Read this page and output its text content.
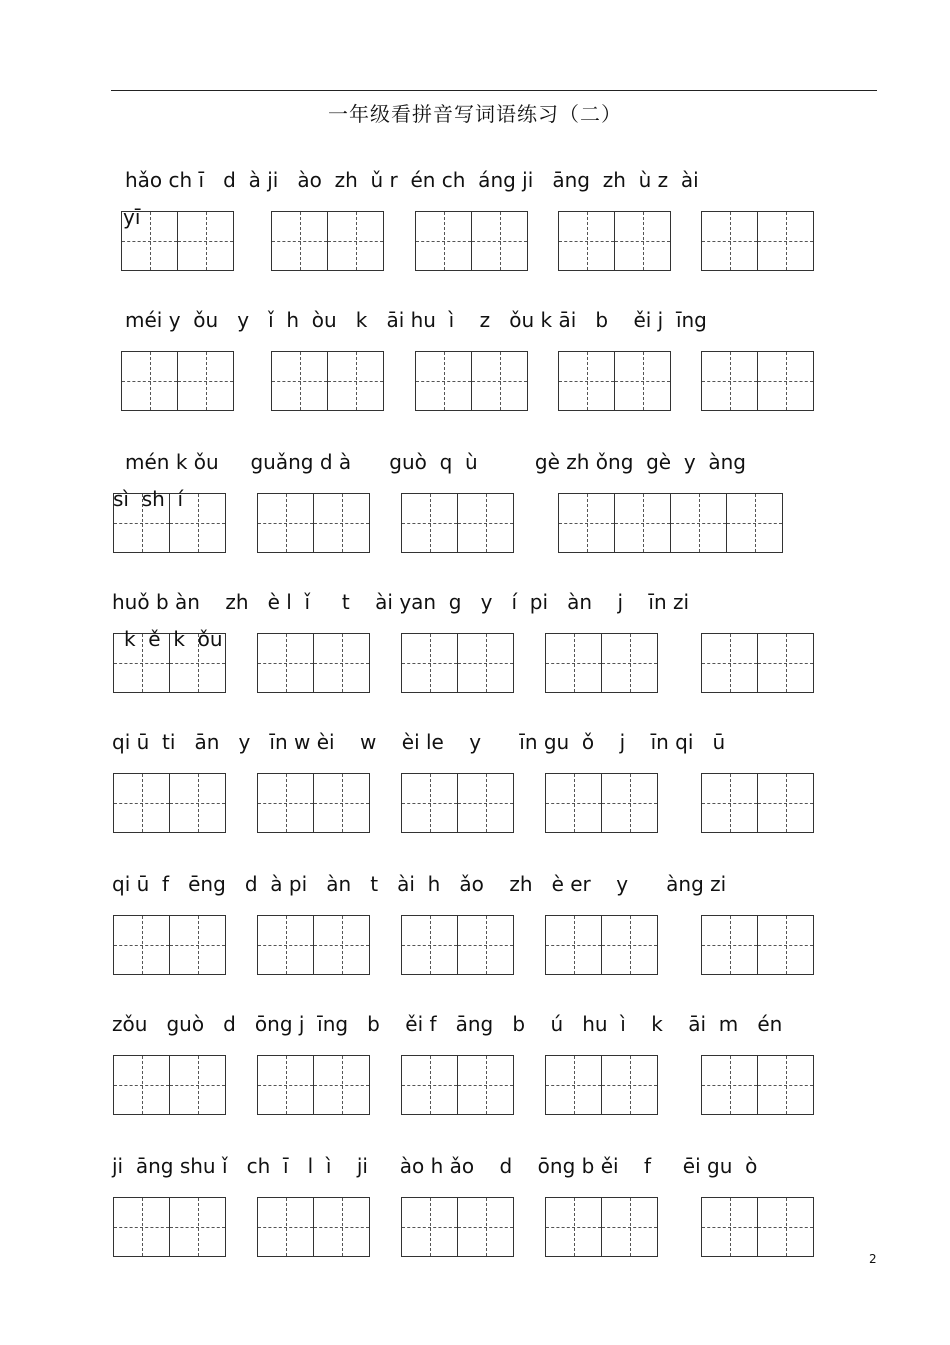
一年级看拼音写词语练习（二）
hǎo ch ī   d  à ji   ào  zh  ǔ r  én ch  áng ji   āng  zh  ù z  ài
yī
méi y  ǒu   y   ǐ  h  òu   k   āi hu  ì    z   ǒu k āi   b    ěi j  īng
mén k ǒu     guǎng d à      guò  q  ù         gè zh ǒng  gè  y  àng
sì  sh  í
huǒ b àn    zh   è l  ǐ     t    ài yan  g   y   í  pi   àn    j    īn zi
k  ě  k  ǒu
qi ū  ti   ān   y   īn w èi    w    èi le    y      īn gu  ǒ    j    īn qi   ū
qi ū  f   ēng   d  à pi   àn   t   ài  h   ǎo    zh   è er    y      àng zi
zǒu   guò   d   ōng j  īng   b    ěi f   āng   b    ú   hu  ì    k    āi  m   én
ji  āng shu ǐ   ch  ī   l  ì    ji     ào h ǎo    d    ōng b ěi    f     ēi gu  ò
2
